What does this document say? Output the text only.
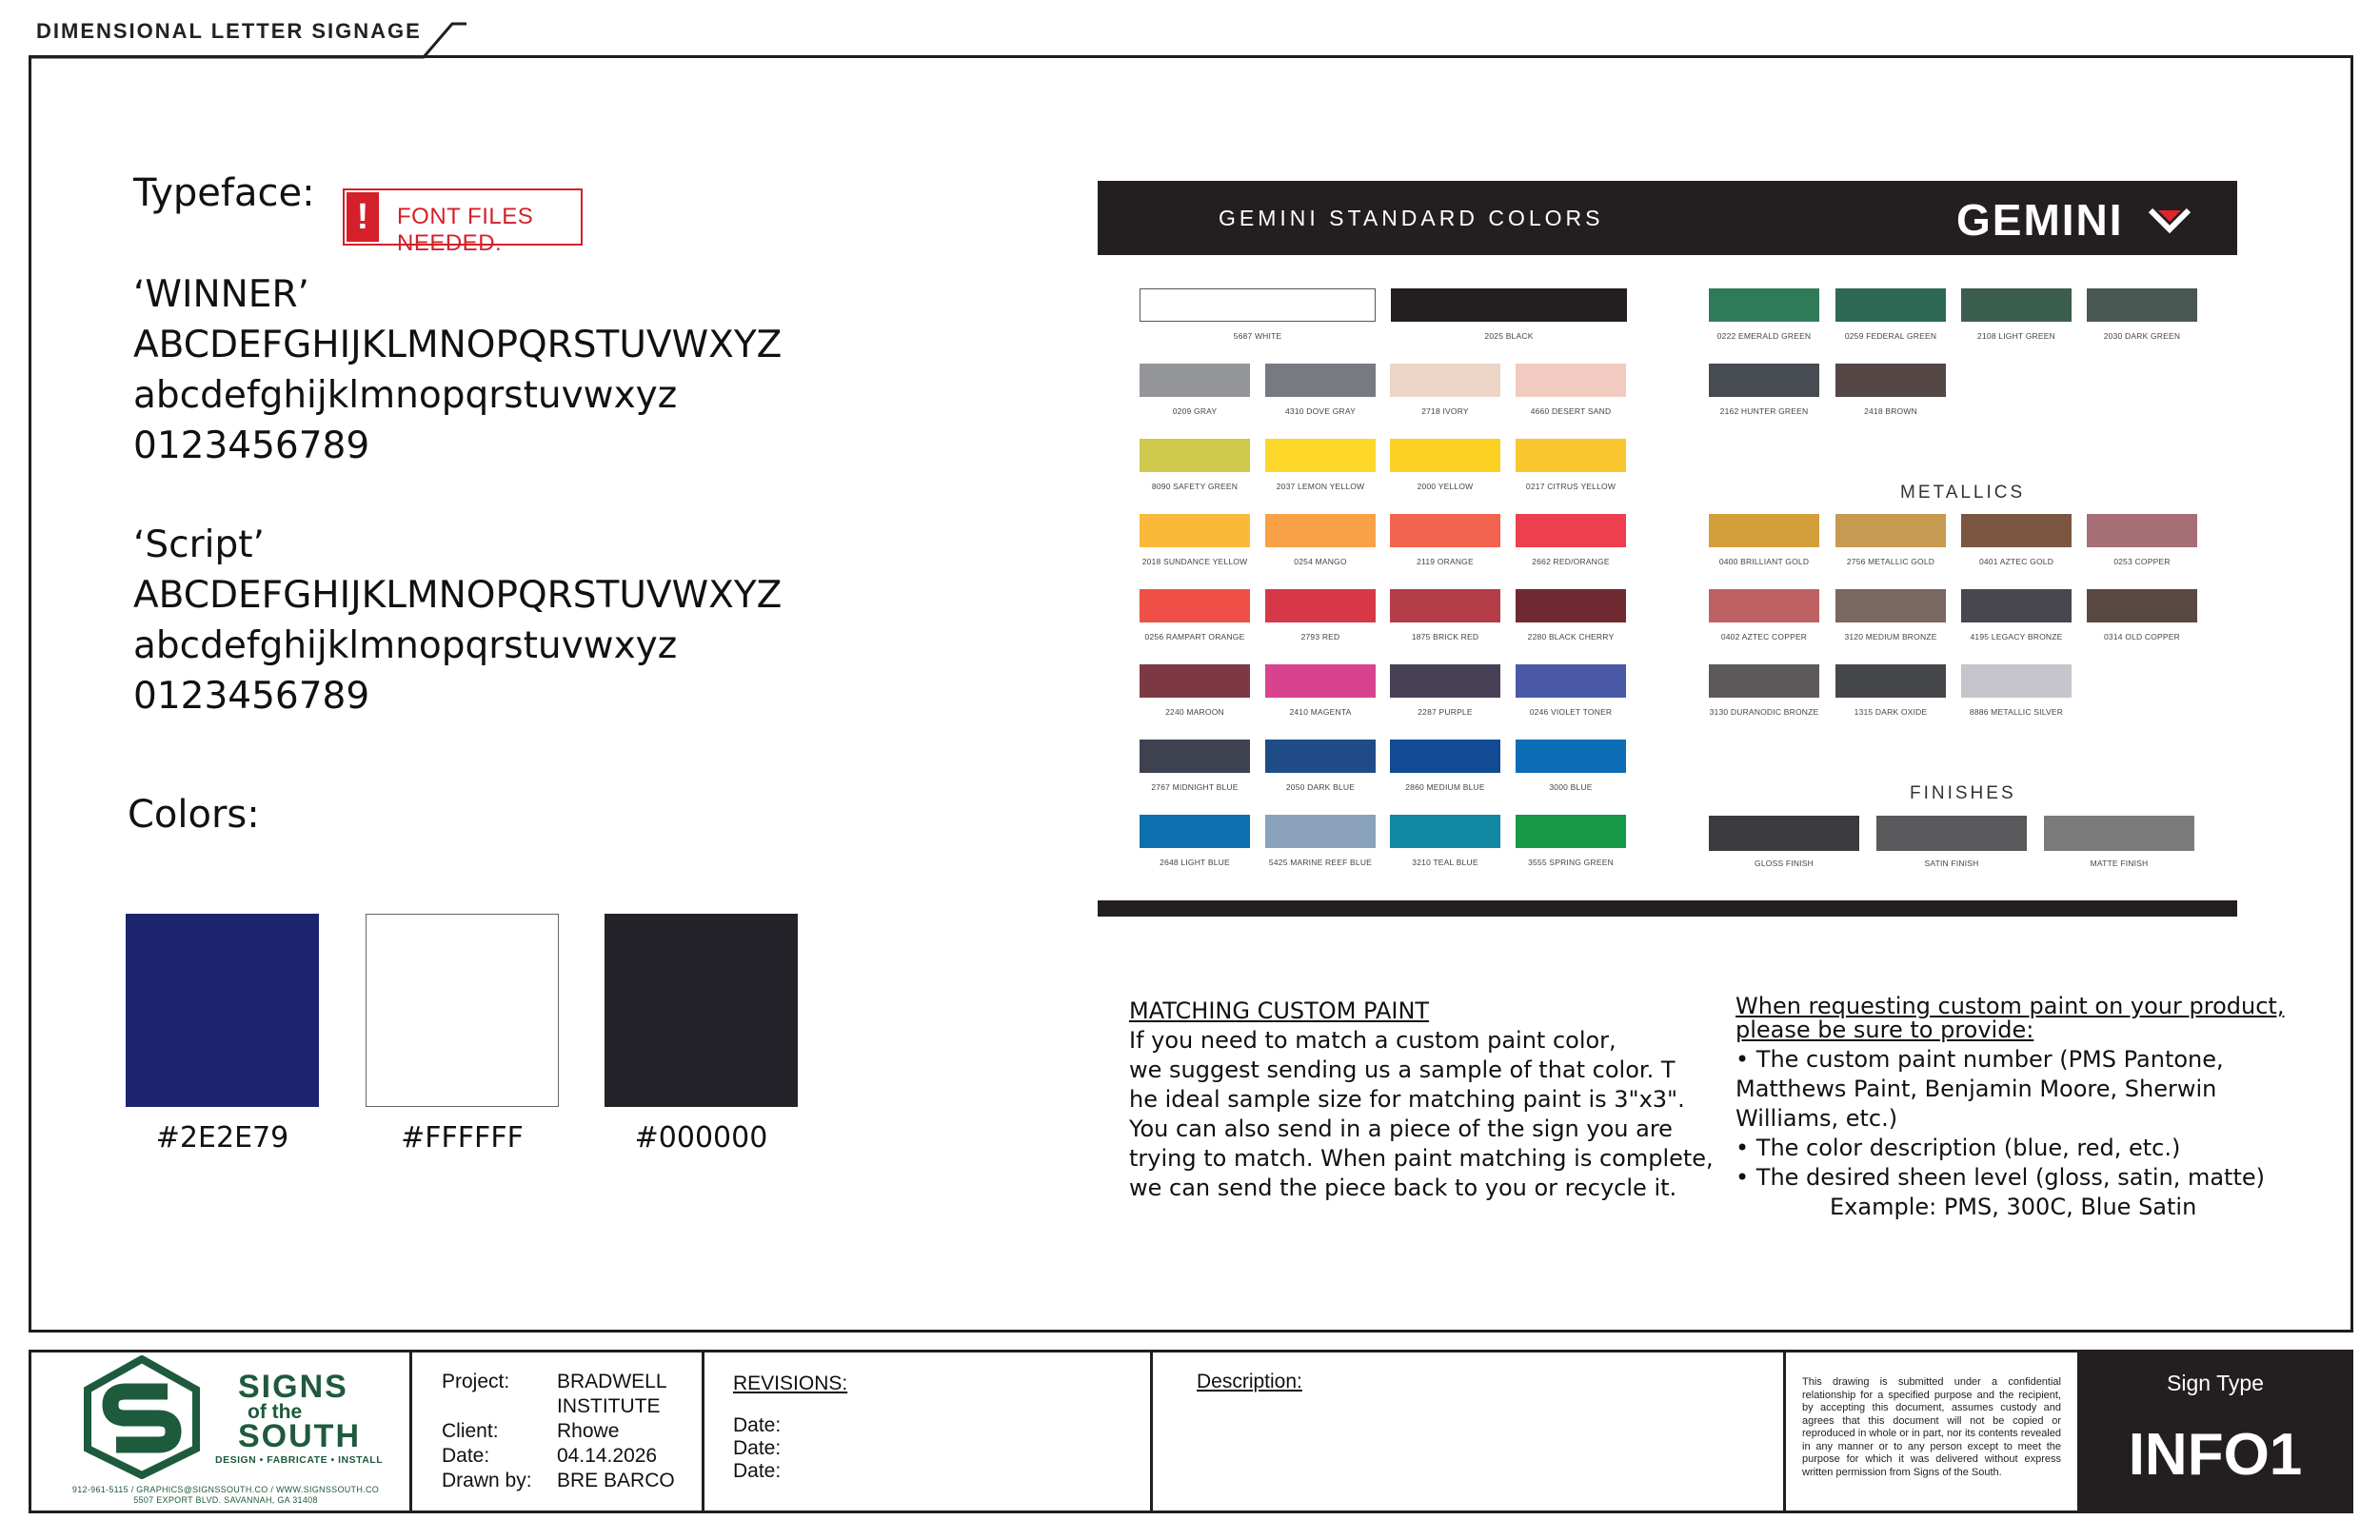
DIMENSIONAL LETTER SIGNAGE
Typeface:
!	FONT FILES NEEDED.
‘WINNER’
ABCDEFGHIJKLMNOPQRSTUVWXYZ
abcdefghijklmnopqrstuvwxyz
0123456789
‘Script’
ABCDEFGHIJKLMNOPQRSTUVWXYZ
abcdefghijklmnopqrstuvwxyz
0123456789
Colors:
#2E2E79	#FFFFFF	#000000
GEMINI STANDARD COLORS	GEMINI
5687 WHITE	2025 BLACK
0209 GRAY	4310 DOVE GRAY	2718 IVORY	4660 DESERT SAND
8090 SAFETY GREEN	2037 LEMON YELLOW	2000 YELLOW	0217 CITRUS YELLOW
2018 SUNDANCE YELLOW	0254 MANGO	2119 ORANGE	2662 RED/ORANGE
0256 RAMPART ORANGE	2793 RED	1875 BRICK RED	2280 BLACK CHERRY
2240 MAROON	2410 MAGENTA	2287 PURPLE	0246 VIOLET TONER
2767 MIDNIGHT BLUE	2050 DARK BLUE	2860 MEDIUM BLUE	3000 BLUE
2648 LIGHT BLUE	5425 MARINE REEF BLUE	3210 TEAL BLUE	3555 SPRING GREEN
0222 EMERALD GREEN	0259 FEDERAL GREEN	2108 LIGHT GREEN	2030 DARK GREEN
2162 HUNTER GREEN	2418 BROWN
0400 BRILLIANT GOLD	2756 METALLIC GOLD	0401 AZTEC GOLD	0253 COPPER
0402 AZTEC COPPER	3120 MEDIUM BRONZE	4195 LEGACY BRONZE	0314 OLD COPPER
3130 DURANODIC BRONZE	1315 DARK OXIDE	8886 METALLIC SILVER
GLOSS FINISH	SATIN FINISH	MATTE FINISH
METALLICS
FINISHES
MATCHING CUSTOM PAINT
If you need to match a custom paint color,
we suggest sending us a sample of that color. T
he ideal sample size for matching paint is 3"x3".
You can also send in a piece of the sign you are
trying to match. When paint matching is complete,
we can send the piece back to you or recycle it.
When requesting custom paint on your product,
please be sure to provide:
• The custom paint number (PMS Pantone,
Matthews Paint, Benjamin Moore, Sherwin
Williams, etc.)
• The color description (blue, red, etc.)
• The desired sheen level (gloss, satin, matte)
Example: PMS, 300C, Blue Satin
SIGNS
of the
SOUTH
DESIGN • FABRICATE • INSTALL
912-961-5115 / GRAPHICS@SIGNSSOUTH.CO / WWW.SIGNSSOUTH.CO
5507 EXPORT BLVD. SAVANNAH, GA 31408
Project: BRADWELL
INSTITUTE
Client:	Rhowe
Date:	04.14.2026
Drawn by: BRE BARCO
REVISIONS:
Date:
Date:
Date:
Description:	This drawing is submitted under a confidential relationship for a specified purpose and the recipient, by accepting this document, assumes custody and agrees that this document will not be copied or reproduced in whole or in part, nor its contents revealed in any manner or to any person except to meet the purpose for which it was delivered without express written permission from Signs of the South.
Sign Type
INFO1
